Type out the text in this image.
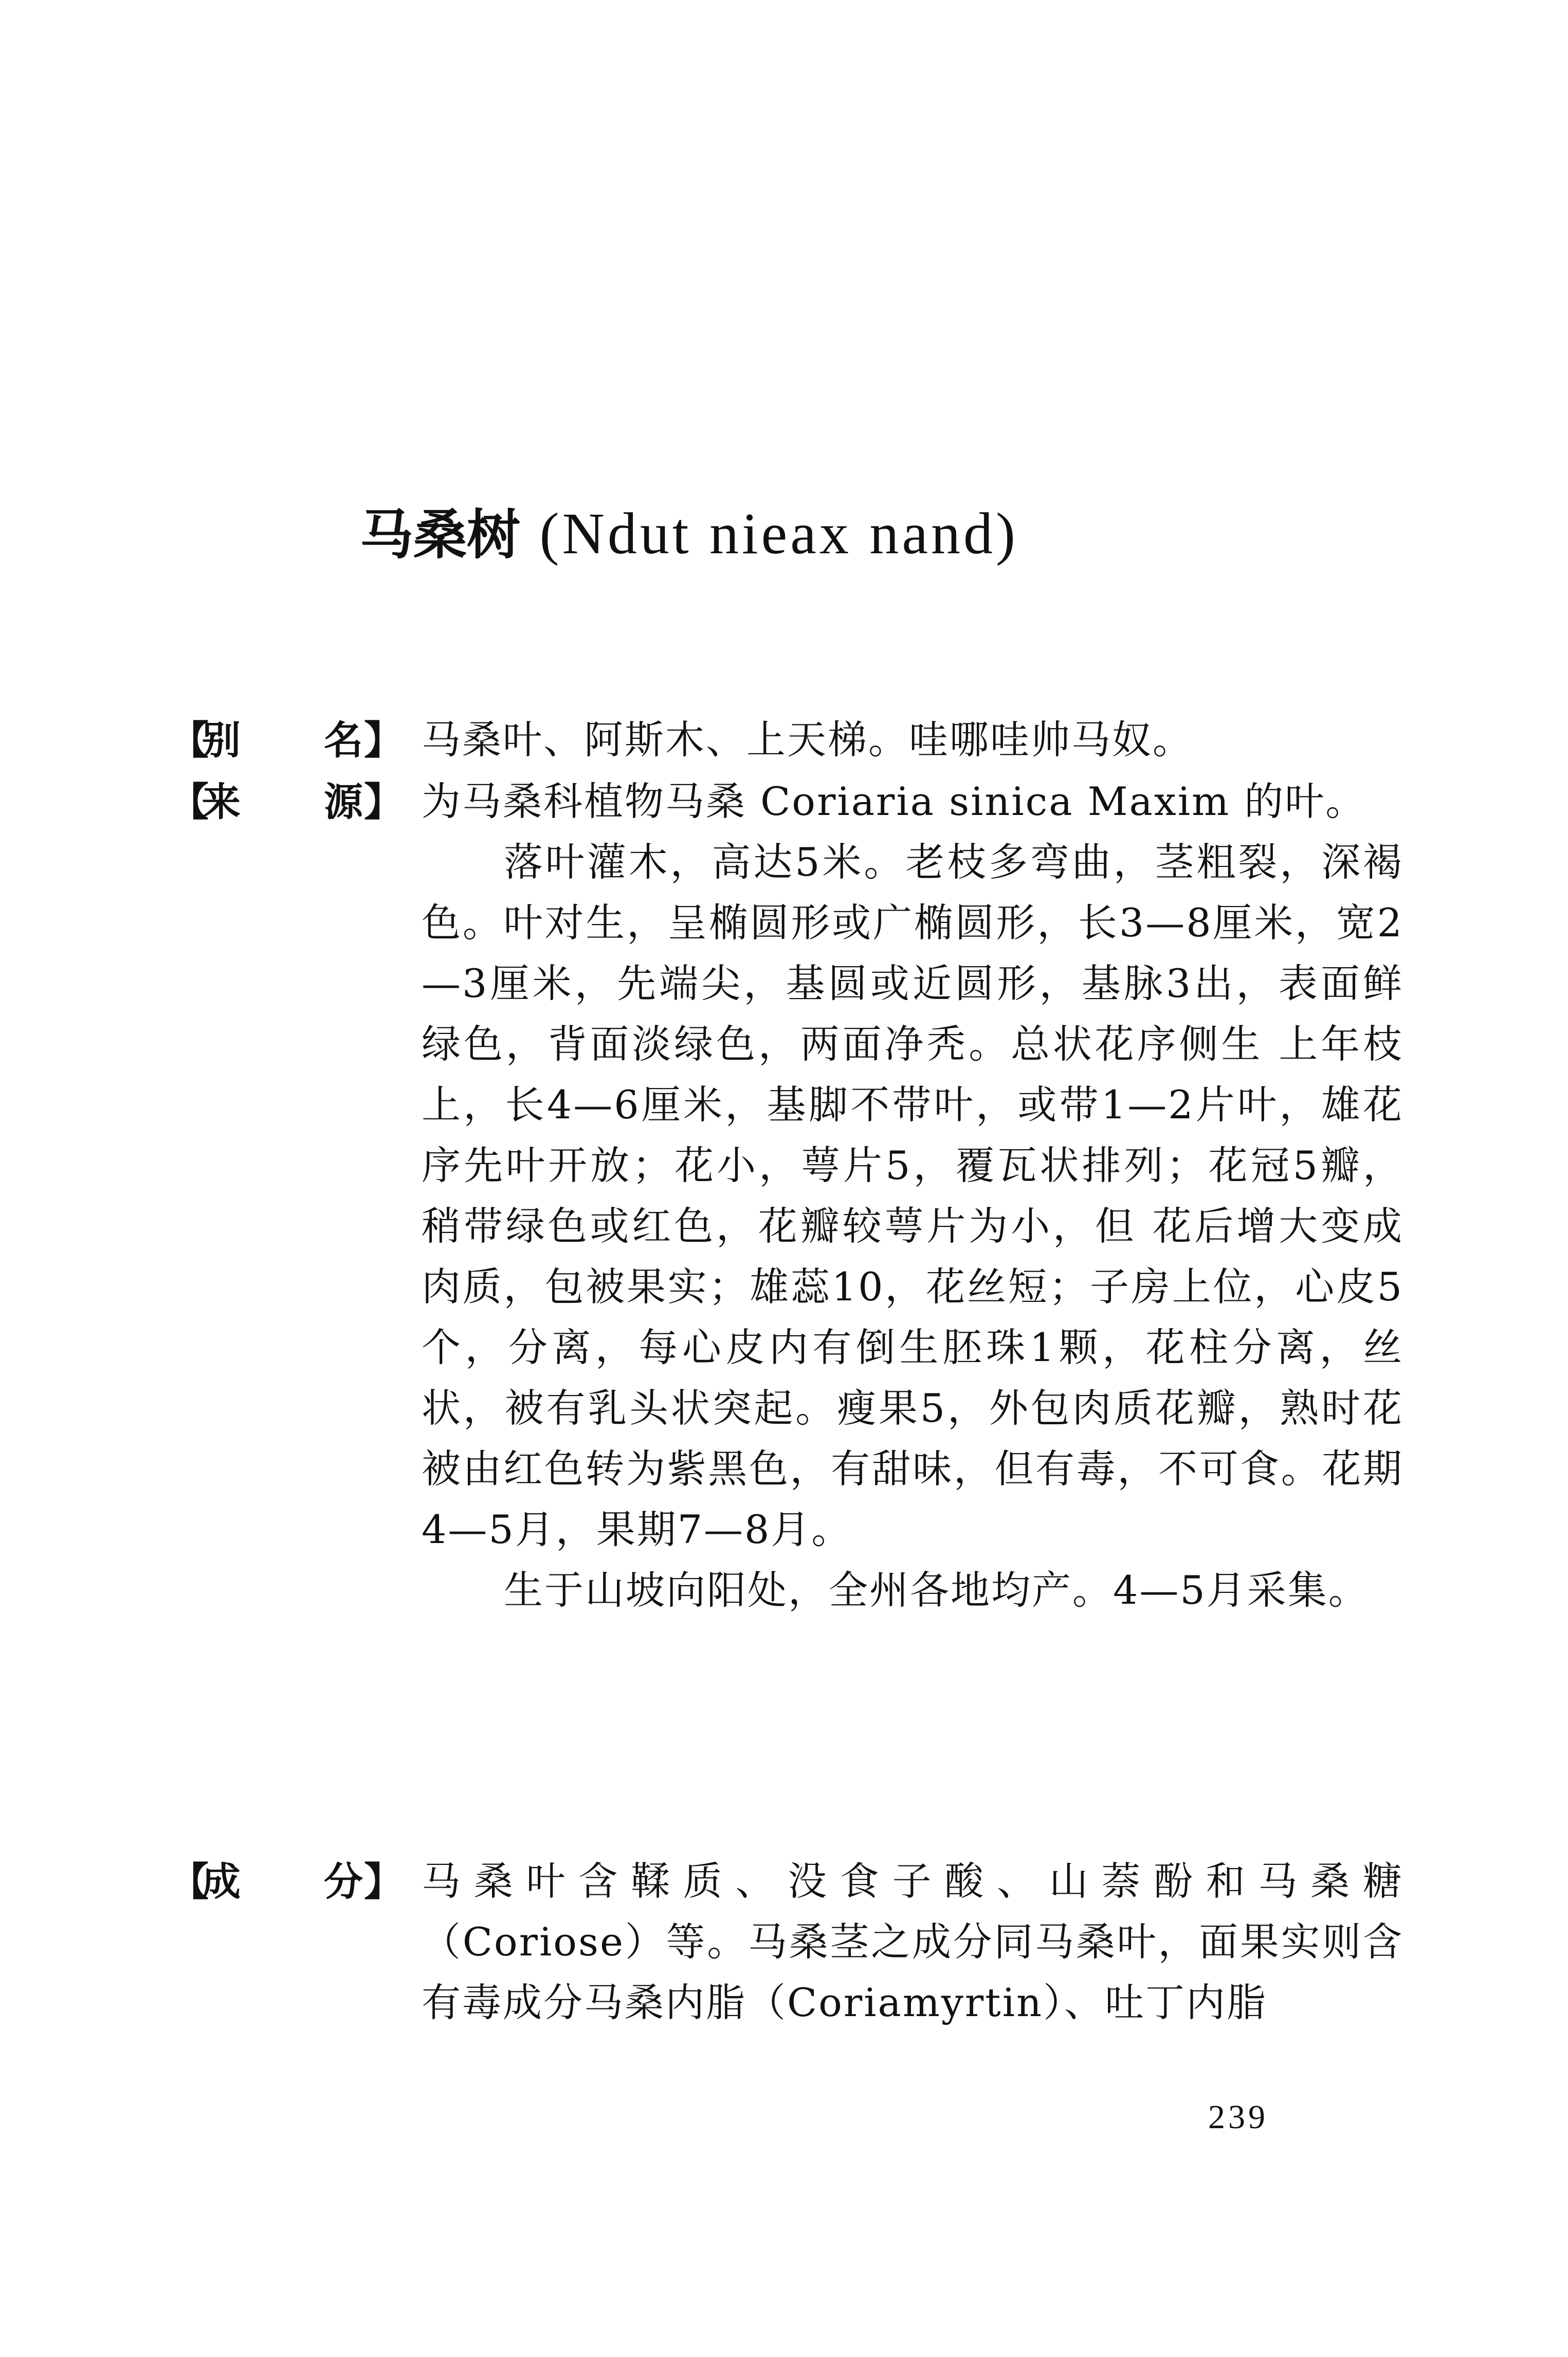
马桑树 (Ndut nieax nand)
【
别 名 】 马桑叶、阿斯木、上天梯。哇哪哇帅马奴。

【
来 源 】 为马桑科植物马桑 Coriaria sinica Maxim 的叶。

落叶灌木，高达5米。老枝多弯曲，茎粗裂，深褐色。叶对生，呈椭圆形或广椭圆形，长3—8厘米，宽2—3厘米，先端尖，基圆或近圆形，基脉3出，表面鲜绿色，背面淡绿色，两面净秃。总状花序侧生 上年枝上，长4—6厘米，基脚不带叶，或带1—2片叶，雄花序先叶开放；花小，萼片5，覆瓦状排列；花冠5瓣，稍带绿色或红色，花瓣较萼片为小，但 花后增大变成肉质，包被果实；雄蕊10，花丝短；子房上位，心皮5个，分离，每心皮内有倒生胚珠1颗，花柱分离，丝状，被有乳头状突起。瘦果5，外包肉质花瓣，熟时花被由红色转为紫黑色，有甜味，但有毒，不可食。花期4—5月，果期7—8月。

生于山坡向阳处，全州各地均产。4—5月采集。

【
成 分 】 马桑叶含鞣质、没食子酸、山萘酚和马桑糖（Coriose）等。马桑茎之成分同马桑叶，面果实则含有毒成分马桑内脂（Coriamyrtin）、吐丁内脂

239
